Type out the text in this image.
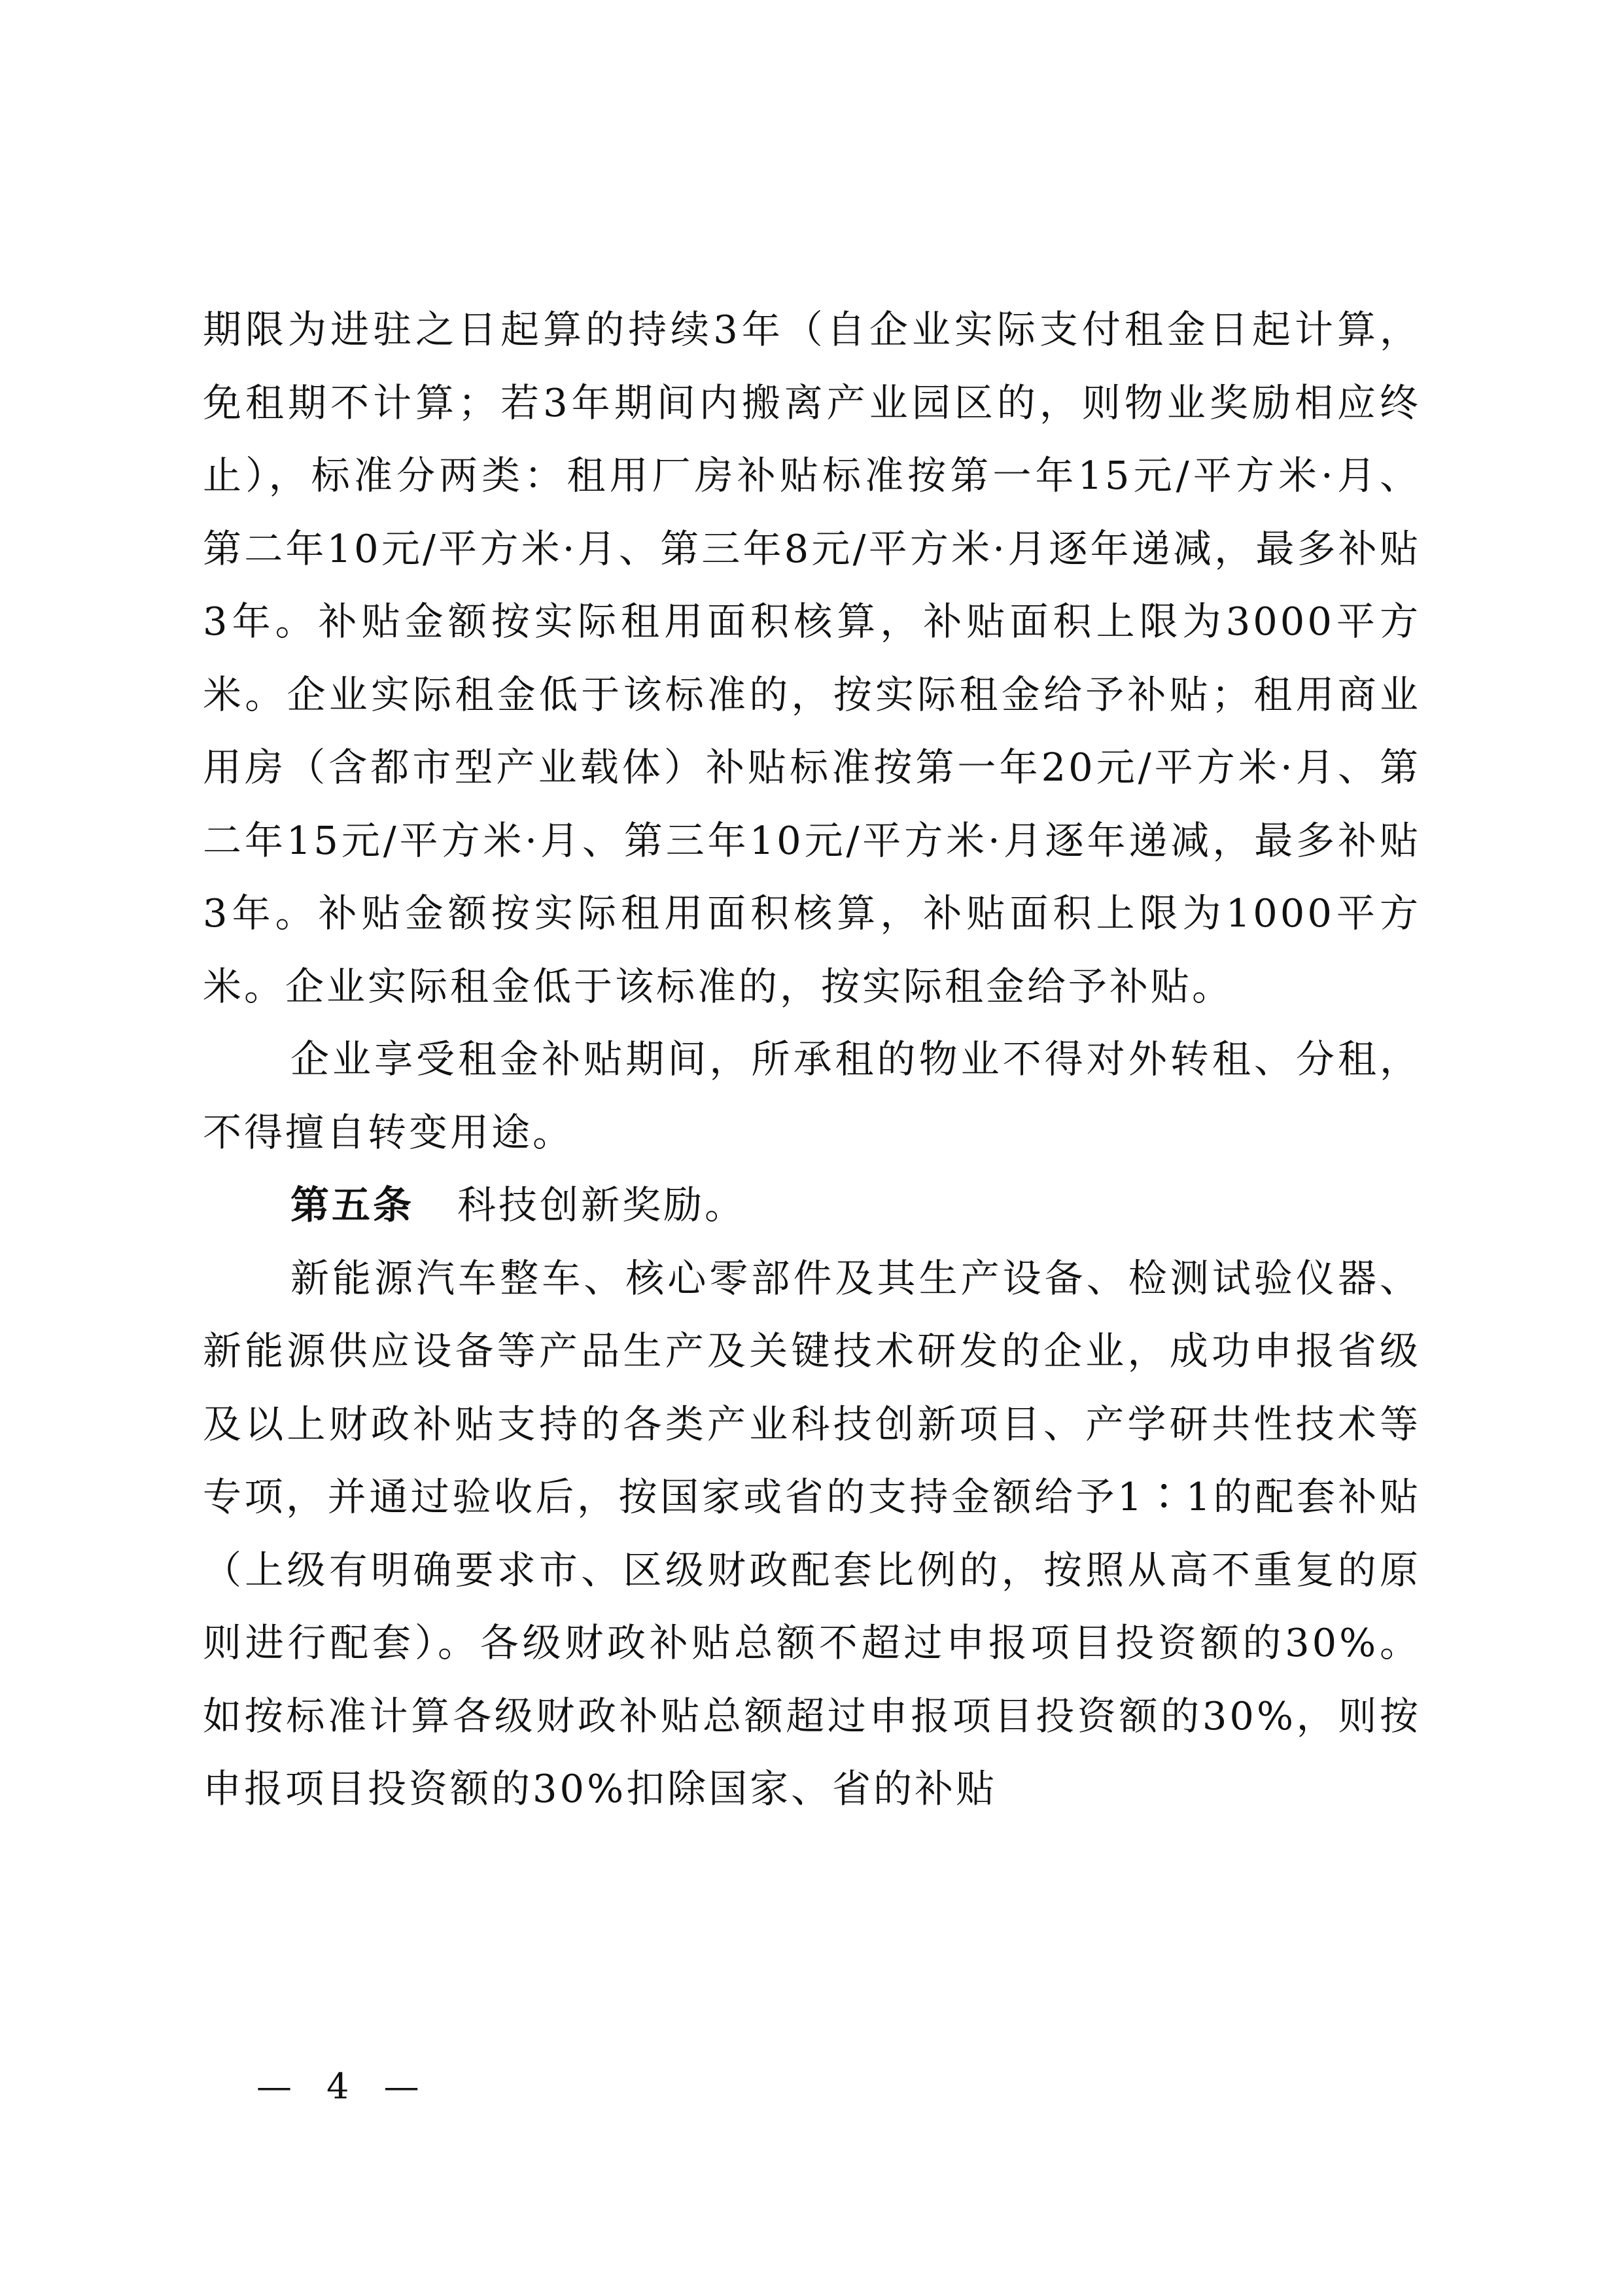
期限为进驻之日起算的持续3年（自企业实际支付租金日起计算，免租期不计算；若3年期间内搬离产业园区的，则物业奖励相应终止），标准分两类：租用厂房补贴标准按第一年15元/平方米·月、第二年10元/平方米·月、第三年8元/平方米·月逐年递减，最多补贴3年。补贴金额按实际租用面积核算，补贴面积上限为3000平方米。企业实际租金低于该标准的，按实际租金给予补贴；租用商业用房（含都市型产业载体）补贴标准按第一年20元/平方米·月、第二年15元/平方米·月、第三年10元/平方米·月逐年递减，最多补贴3年。补贴金额按实际租用面积核算，补贴面积上限为1000平方米。企业实际租金低于该标准的，按实际租金给予补贴。

企业享受租金补贴期间，所承租的物业不得对外转租、分租，不得擅自转变用途。

第五条 科技创新奖励。

新能源汽车整车、核心零部件及其生产设备、检测试验仪器、新能源供应设备等产品生产及关键技术研发的企业，成功申报省级及以上财政补贴支持的各类产业科技创新项目、产学研共性技术等专项，并通过验收后，按国家或省的支持金额给予1∶1的配套补贴（上级有明确要求市、区级财政配套比例的，按照从高不重复的原则进行配套）。各级财政补贴总额不超过申报项目投资额的30%。如按标准计算各级财政补贴总额超过申报项目投资额的30%，则按申报项目投资额的30%扣除国家、省的补贴

— 4 —
